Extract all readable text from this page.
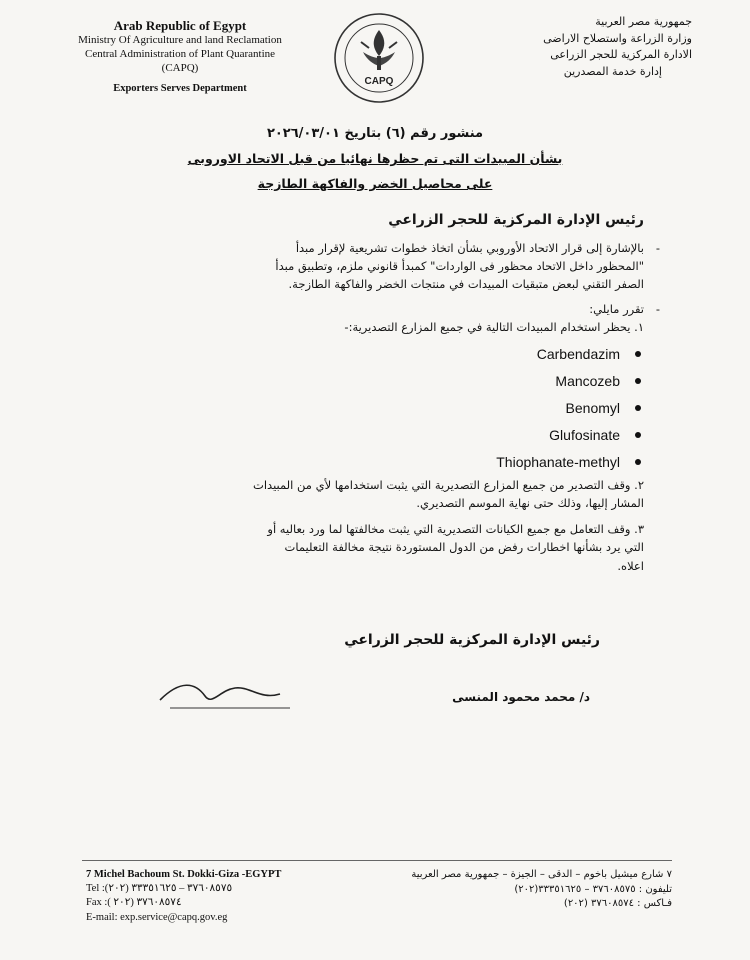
Arab Republic of Egypt
Ministry Of Agriculture and land Reclamation
Central Administration of Plant Quarantine
(CAPQ)
Exporters Serves Department
CAPQ
جمهورية مصر العربية
وزارة الزراعة واستصلاح الاراضى
الادارة المركزية للحجر الزراعى
إدارة خدمة المصدرين
منشور رقم (٦) بتاريخ ٢٠٢٦/٠٣/٠١
بشأن المبيدات التى تم حظرها نهائيا من قبل الاتحاد الاوروبى
على محاصيل الخضر والفاكهة الطازجة
رئيس الإدارة المركزية للحجر الزراعي
-
بالإشارة إلى قرار الاتحاد الأوروبي بشأن اتخاذ خطوات تشريعية لإقرار مبدأ
"المحظور داخل الاتحاد محظور فى الواردات" كمبدأ قانوني ملزم، وتطبيق مبدأ
الصفر التقني لبعض متبقيات المبيدات في منتجات الخضر والفاكهة الطازجة.
-
تقرر مايلي:
١. يحظر استخدام المبيدات التالية في جميع المزارع التصديرية:-
Carbendazim
Mancozeb
Benomyl
Glufosinate
Thiophanate-methyl
٢. وقف التصدير من جميع المزارع التصديرية التي يثبت استخدامها لأي من المبيدات
المشار إليها، وذلك حتى نهاية الموسم التصديري.
٣. وقف التعامل مع جميع الكيانات التصديرية التي يثبت مخالفتها لما ورد بعاليه أو
التي يرد بشأنها اخطارات رفض من الدول المستوردة نتيجة مخالفة التعليمات
اعلاه.
رئيس الإدارة المركزية للحجر الزراعي
د/ محمد محمود المنسى
7 Michel Bachoum St. Dokki-Giza -EGYPT
Tel :(٢٠٢) ٣٧٦٠٨٥٧٥ – ٣٣٣٥١٦٢٥
Fax :( ٢٠٢) ٣٧٦٠٨٥٧٤
E-mail: exp.service@capq.gov.eg
٧ شارع ميشيل باخوم – الدقى – الجيزة – جمهورية مصر العربية
تليفون : ٣٧٦٠٨٥٧٥ – ٣٣٣٥١٦٢٥(٢٠٢)
فـاكس : ٣٧٦٠٨٥٧٤ (٢٠٢)
